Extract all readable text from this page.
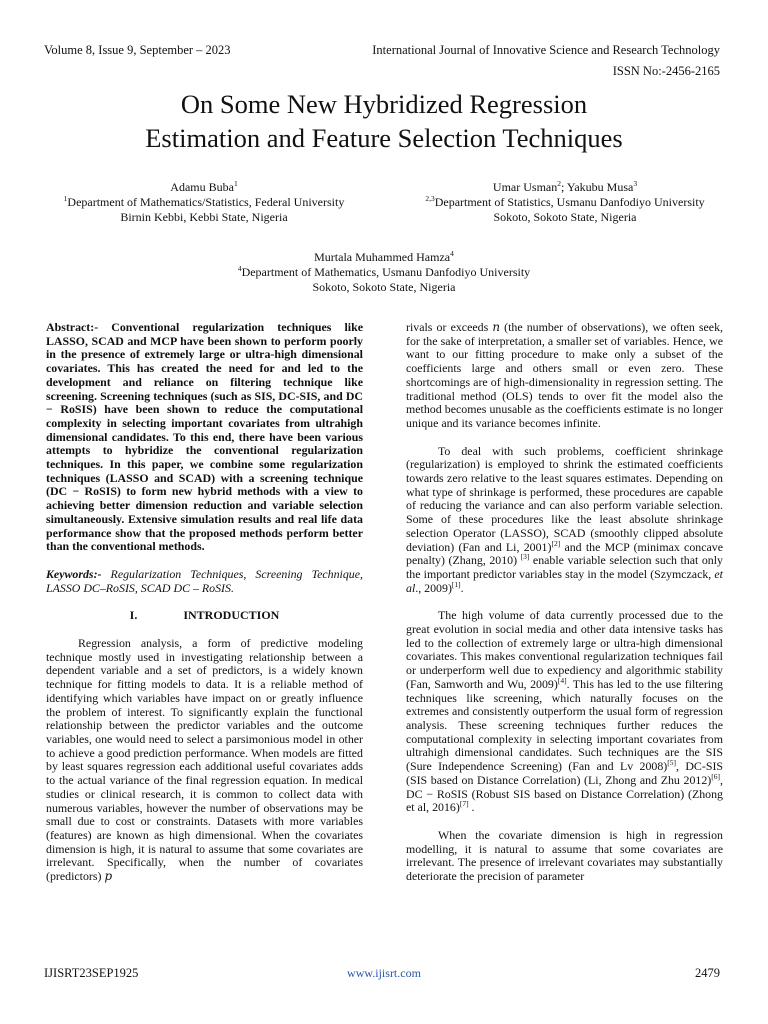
Volume 8, Issue 9, September – 2023	International Journal of Innovative Science and Research Technology
ISSN No:-2456-2165
On Some New Hybridized Regression
Estimation and Feature Selection Techniques
Adamu Buba$^1$
$^1$Department of Mathematics/Statistics, Federal University
Birnin Kebbi, Kebbi State, Nigeria
Umar Usman$^2$; Yakubu Musa$^3$
$^{2,3}$Department of Statistics, Usmanu Danfodiyo University
Sokoto, Sokoto State, Nigeria
Murtala Muhammed Hamza$^4$
$^4$Department of Mathematics, Usmanu Danfodiyo University
Sokoto, Sokoto State, Nigeria

Abstract:- Conventional regularization techniques like LASSO, SCAD and MCP have been shown to perform poorly in the presence of extremely large or ultra-high dimensional covariates. This has created the need for and led to the development and reliance on filtering technique like screening. Screening techniques (such as SIS, DC-SIS, and DC − RoSIS) have been shown to reduce the computational complexity in selecting important covariates from ultrahigh dimensional candidates. To this end, there have been various attempts to hybridize the conventional regularization techniques. In this paper, we combine some regularization techniques (LASSO and SCAD) with a screening technique (DC − RoSIS) to form new hybrid methods with a view to achieving better dimension reduction and variable selection simultaneously. Extensive simulation results and real life data performance show that the proposed methods perform better than the conventional methods.

Keywords:- Regularization Techniques, Screening Technique, LASSO DC–RoSIS, SCAD DC – RoSIS.

I.	INTRODUCTION

Regression analysis, a form of predictive modeling technique mostly used in investigating relationship between a dependent variable and a set of predictors, is a widely known technique for fitting models to data. It is a reliable method of identifying which variables have impact on or greatly influence the problem of interest. To significantly explain the functional relationship between the predictor variables and the outcome variables, one would need to select a parsimonious model in other to achieve a good prediction performance. When models are fitted by least squares regression each additional useful covariates adds to the actual variance of the final regression equation. In medical studies or clinical research, it is common to collect data with numerous variables, however the number of observations may be small due to cost or constraints. Datasets with more variables (features) are known as high dimensional. When the covariates dimension is high, it is natural to assume that some covariates are irrelevant. Specifically, when the number of covariates (predictors) p

rivals or exceeds n (the number of observations), we often seek, for the sake of interpretation, a smaller set of variables. Hence, we want to our fitting procedure to make only a subset of the coefficients large and others small or even zero. These shortcomings are of high-dimensionality in regression setting. The traditional method (OLS) tends to over fit the model also the method becomes unusable as the coefficients estimate is no longer unique and its variance becomes infinite.

To deal with such problems, coefficient shrinkage (regularization) is employed to shrink the estimated coefficients towards zero relative to the least squares estimates. Depending on what type of shrinkage is performed, these procedures are capable of reducing the variance and can also perform variable selection. Some of these procedures like the least absolute shrinkage selection Operator (LASSO), SCAD (smoothly clipped absolute deviation) (Fan and Li, 2001)[2] and the MCP (minimax concave penalty) (Zhang, 2010) [3] enable variable selection such that only the important predictor variables stay in the model (Szymczack, et al., 2009)[1].

The high volume of data currently processed due to the great evolution in social media and other data intensive tasks has led to the collection of extremely large or ultra-high dimensional covariates. This makes conventional regularization techniques fail or underperform well due to expediency and algorithmic stability (Fan, Samworth and Wu, 2009)[4]. This has led to the use filtering techniques like screening, which naturally focuses on the extremes and consistently outperform the usual form of regression analysis. These screening techniques further reduces the computational complexity in selecting important covariates from ultrahigh dimensional candidates. Such techniques are the SIS (Sure Independence Screening) (Fan and Lv 2008)[5], DC-SIS (SIS based on Distance Correlation) (Li, Zhong and Zhu 2012)[6], DC − RoSIS (Robust SIS based on Distance Correlation) (Zhong et al, 2016)[7] .

When the covariate dimension is high in regression modelling, it is natural to assume that some covariates are irrelevant. The presence of irrelevant covariates may substantially deteriorate the precision of parameter

IJISRT23SEP1925	www.ijisrt.com	2479
